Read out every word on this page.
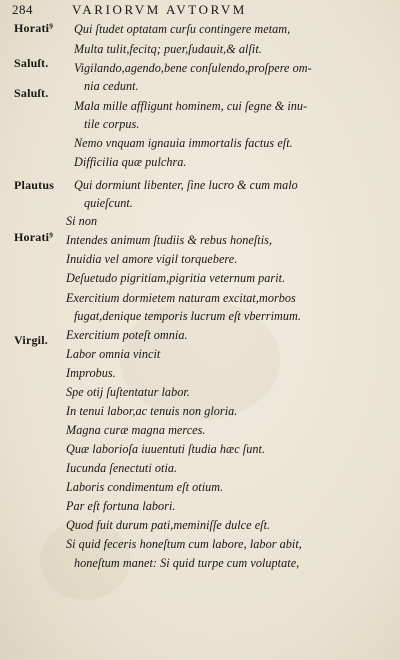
284	VARIORVM AVTORVM
Horati⁹
Saluſt.
Saluſt.
Plautus
Horati⁹
Virgil.
Qui ſtudet optatam curſu contingere metam,
Multa tulit,fecitq; puer,ſudauit,& alſit.
Vigilando,agendo,bene conſulendo,proſpere om-
nia cedunt.
Mala mille affligunt hominem, cui ſegne & inu-
tile corpus.
Nemo vnquam ignauia immortalis factus eſt.
Difficilia quæ pulchra.
Qui dormiunt libenter, ſine lucro & cum malo
quieſcunt.
Si non
Intendes animum ſtudiis & rebus honeſtis,
Inuidia vel amore vigil torquebere.
Deſuetudo pigritiam,pigritia veternum parit.
Exercitium dormietem naturam excitat,morbos
fugat,denique temporis lucrum eſt vberrimum.
Exercitium poteſt omnia.
Labor omnia vincit
Improbus.
Spe otij ſuſtentatur labor.
In tenui labor,ac tenuis non gloria.
Magna curæ magna merces.
Quæ laborioſa iuuentuti ſtudia hæc ſunt.
Iucunda ſenectuti otia.
Laboris condimentum eſt otium.
Par eſt fortuna labori.
Quod fuit durum pati,meminiſſe dulce eſt.
Si quid feceris honeſtum cum labore, labor abit,
honeſtum manet: Si quid turpe cum voluptate,
